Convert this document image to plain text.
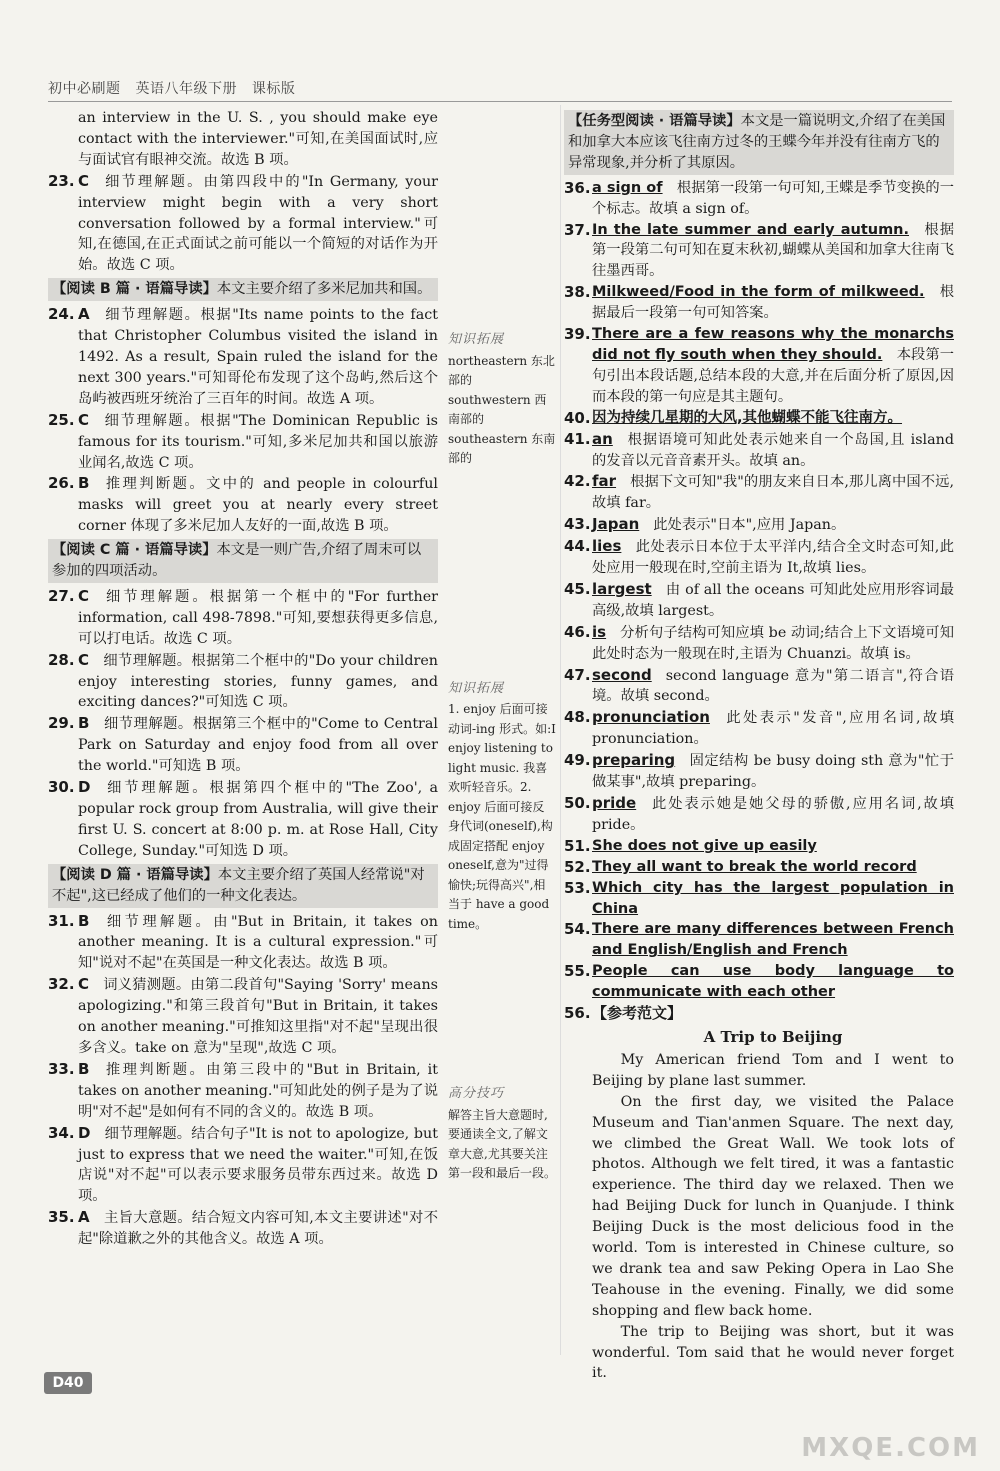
初中必刷题 英语八年级下册 课标版
an interview in the U. S. , you should make eye contact with the interviewer."可知,在美国面试时,应与面试官有眼神交流。故选 B 项。
23. C 细节理解题。由第四段中的"In Germany, your interview might begin with a very short conversation followed by a formal interview."可知,在德国,在正式面试之前可能以一个简短的对话作为开始。故选 C 项。
【阅读 B 篇 · 语篇导读】本文主要介绍了多米尼加共和国。
24. A 细节理解题。根据"Its name points to the fact that Christopher Columbus visited the island in 1492. As a result, Spain ruled the island for the next 300 years."可知哥伦布发现了这个岛屿,然后这个岛屿被西班牙统治了三百年的时间。故选 A 项。
25. C 细节理解题。根据"The Dominican Republic is famous for its tourism."可知,多米尼加共和国以旅游业闻名,故选 C 项。
26. B 推理判断题。文中的 and people in colourful masks will greet you at nearly every street corner 体现了多米尼加人友好的一面,故选 B 项。
【阅读 C 篇 · 语篇导读】本文是一则广告,介绍了周末可以参加的四项活动。
27. C 细节理解题。根据第一个框中的"For further information, call 498-7898."可知,要想获得更多信息,可以打电话。故选 C 项。
28. C 细节理解题。根据第二个框中的"Do your children enjoy interesting stories, funny games, and exciting dances?"可知选 C 项。
29. B 细节理解题。根据第三个框中的"Come to Central Park on Saturday and enjoy food from all over the world."可知选 B 项。
30. D 细节理解题。根据第四个框中的"The Zoo', a popular rock group from Australia, will give their first U. S. concert at 8:00 p. m. at Rose Hall, City College, Sunday."可知选 D 项。
【阅读 D 篇 · 语篇导读】本文主要介绍了英国人经常说"对不起",这已经成了他们的一种文化表达。
31. B 细节理解题。由"But in Britain, it takes on another meaning. It is a cultural expression."可知"说对不起"在英国是一种文化表达。故选 B 项。
32. C 词义猜测题。由第二段首句"Saying 'Sorry' means apologizing."和第三段首句"But in Britain, it takes on another meaning."可推知这里指"对不起"呈现出很多含义。take on 意为"呈现",故选 C 项。
33. B 推理判断题。由第三段中的"But in Britain, it takes on another meaning."可知此处的例子是为了说明"对不起"是如何有不同的含义的。故选 B 项。
34. D 细节理解题。结合句子"It is not to apologize, but just to express that we need the waiter."可知,在饭店说"对不起"可以表示要求服务员带东西过来。故选 D 项。
35. A 主旨大意题。结合短文内容可知,本文主要讲述"对不起"除道歉之外的其他含义。故选 A 项。
知识拓展
northeastern 东北部的 southwestern 西南部的 southeastern 东南部的
知识拓展
1. enjoy 后面可接动词-ing 形式。如:I enjoy listening to light music. 我喜欢听轻音乐。2. enjoy 后面可接反身代词(oneself),构成固定搭配 enjoy oneself,意为"过得愉快;玩得高兴",相当于 have a good time。
高分技巧
解答主旨大意题时,要通读全文,了解文章大意,尤其要关注第一段和最后一段。
【任务型阅读 · 语篇导读】本文是一篇说明文,介绍了在美国和加拿大本应该飞往南方过冬的王蝶今年并没有往南方飞的异常现象,并分析了其原因。
36. a sign of  根据第一段第一句可知,王蝶是季节变换的一个标志。故填 a sign of。
37. In the late summer and early autumn.  根据第一段第二句可知在夏末秋初,蝴蝶从美国和加拿大往南飞往墨西哥。
38. Milkweed/Food in the form of milkweed.  根据最后一段第一句可知答案。
39. There are a few reasons why the monarchs did not fly south when they should.  本段第一句引出本段话题,总结本段的大意,并在后面分析了原因,因而本段的第一句应是其主题句。
40. 因为持续几星期的大风,其他蝴蝶不能飞往南方。
41. an 根据语境可知此处表示她来自一个岛国,且 island 的发音以元音音素开头。故填 an。
42. far 根据下文可知"我"的朋友来自日本,那儿离中国不远,故填 far。
43. Japan 此处表示"日本",应用 Japan。
44. lies 此处表示日本位于太平洋内,结合全文时态可知,此处应用一般现在时,空前主语为 It,故填 lies。
45. largest 由 of all the oceans 可知此处应用形容词最高级,故填 largest。
46. is 分析句子结构可知应填 be 动词;结合上下文语境可知此处时态为一般现在时,主语为 Chuanzi。故填 is。
47. second second language 意为"第二语言",符合语境。故填 second。
48. pronunciation 此处表示"发音",应用名词,故填 pronunciation。
49. preparing 固定结构 be busy doing sth 意为"忙于做某事",故填 preparing。
50. pride 此处表示她是她父母的骄傲,应用名词,故填 pride。
51. She does not give up easily
52. They all want to break the world record
53. Which city has the largest population in China
54. There are many differences between French and English/English and French
55. People can use body language to communicate with each other
56. 【参考范文】
A Trip to Beijing

My American friend Tom and I went to Beijing by plane last summer.

On the first day, we visited the Palace Museum and Tian'anmen Square. The next day, we climbed the Great Wall. We took lots of photos. Although we felt tired, it was a fantastic experience. The third day we relaxed. Then we had Beijing Duck for lunch in Quanjude. I think Beijing Duck is the most delicious food in the world. Tom is interested in Chinese culture, so we drank tea and saw Peking Opera in Lao She Teahouse in the evening. Finally, we did some shopping and flew back home.

The trip to Beijing was short, but it was wonderful. Tom said that he would never forget it.

D40
MXQE.COM
